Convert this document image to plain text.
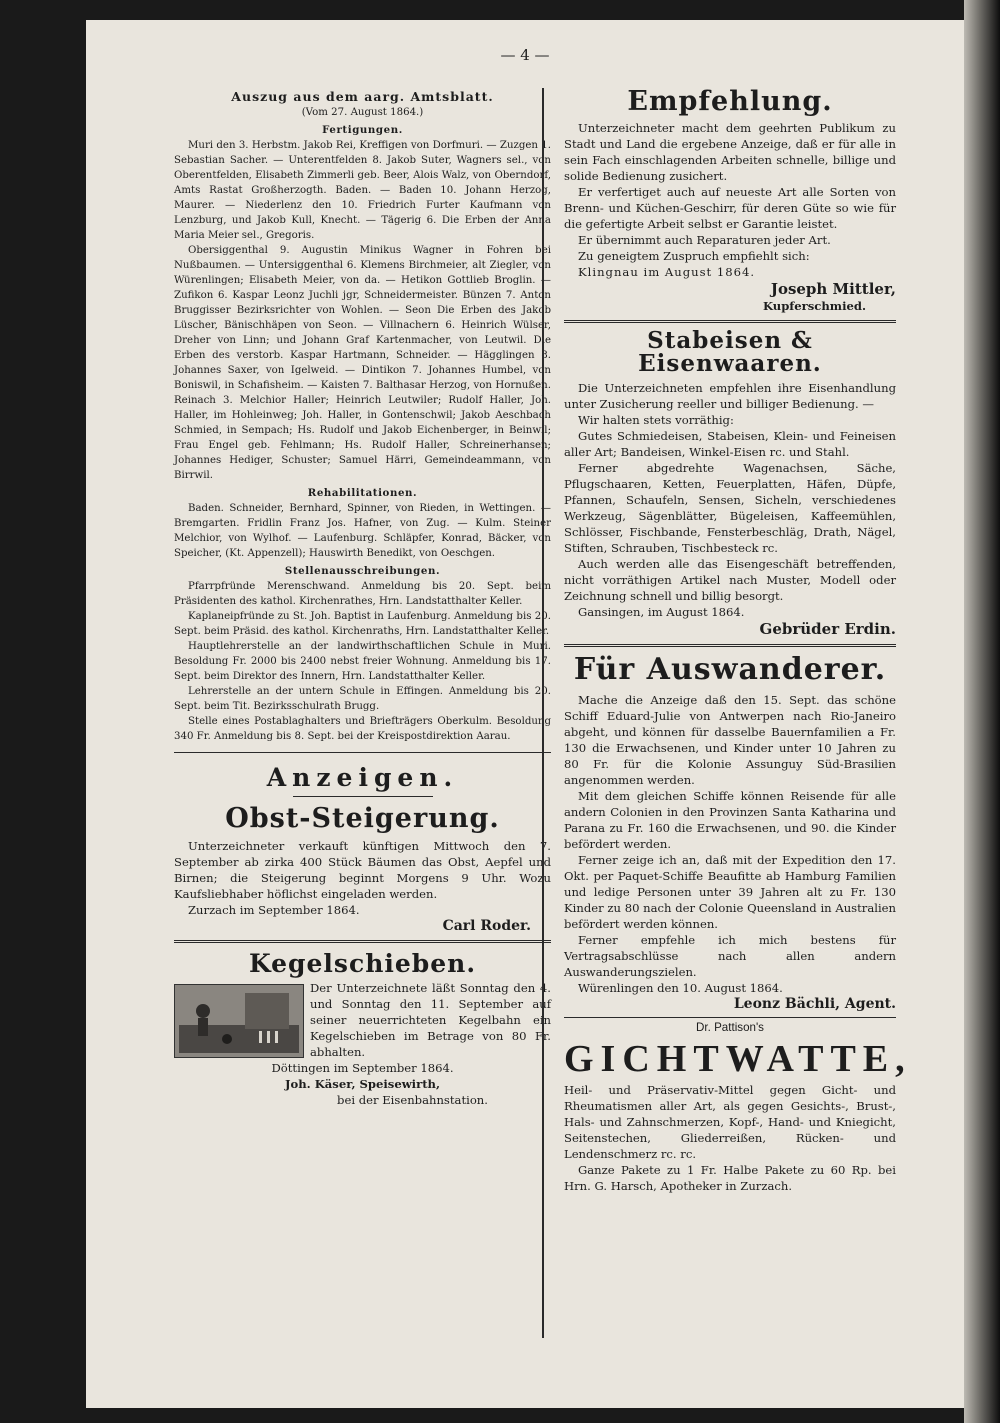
— 4 —

Auszug aus dem aarg. Amtsblatt.

(Vom 27. August 1864.)

Fertigungen.

Muri den 3. Herbstm. Jakob Rei, Kreffigen von Dorfmuri. — Zuzgen 1. Sebastian Sacher. — Unterentfelden 8. Jakob Suter, Wagners sel., von Oberentfelden, Elisabeth Zimmerli geb. Beer, Alois Walz, von Oberndorf, Amts Rastat Großherzogth. Baden. — Baden 10. Johann Herzog, Maurer. — Niederlenz den 10. Friedrich Furter Kaufmann von Lenzburg, und Jakob Kull, Knecht. — Tägerig 6. Die Erben der Anna Maria Meier sel., Gregoris.

Obersiggenthal 9. Augustin Minikus Wagner in Fohren bei Nußbaumen. — Untersiggenthal 6. Klemens Birchmeier, alt Ziegler, von Würenlingen; Elisabeth Meier, von da. — Hetikon Gottlieb Broglin. — Zufikon 6. Kaspar Leonz Juchli jgr, Schneidermeister. Bünzen 7. Anton Bruggisser Bezirksrichter von Wohlen. — Seon Die Erben des Jakob Lüscher, Bänischhäpen von Seon. — Villnachern 6. Heinrich Wülser, Dreher von Linn; und Johann Graf Kartenmacher, von Leutwil. Die Erben des verstorb. Kaspar Hartmann, Schneider. — Hägglingen 8. Johannes Saxer, von Igelweid. — Dintikon 7. Johannes Humbel, von Boniswil, in Schafisheim. — Kaisten 7. Balthasar Herzog, von Hornußen. Reinach 3. Melchior Haller; Heinrich Leutwiler; Rudolf Haller, Joh. Haller, im Hohleinweg; Joh. Haller, in Gontenschwil; Jakob Aeschbach Schmied, in Sempach; Hs. Rudolf und Jakob Eichenberger, in Beinwil; Frau Engel geb. Fehlmann; Hs. Rudolf Haller, Schreinerhansen; Johannes Hediger, Schuster; Samuel Härri, Gemeindeammann, von Birrwil.

Rehabilitationen.

Baden. Schneider, Bernhard, Spinner, von Rieden, in Wettingen. — Bremgarten. Fridlin Franz Jos. Hafner, von Zug. — Kulm. Steiner Melchior, von Wylhof. — Laufenburg. Schläpfer, Konrad, Bäcker, von Speicher, (Kt. Appenzell); Hauswirth Benedikt, von Oeschgen.

Stellenausschreibungen.

Pfarrpfründe Merenschwand. Anmeldung bis 20. Sept. beim Präsidenten des kathol. Kirchenrathes, Hrn. Landstatthalter Keller.

Kaplaneipfründe zu St. Joh. Baptist in Laufenburg. Anmeldung bis 20. Sept. beim Präsid. des kathol. Kirchenraths, Hrn. Landstatthalter Keller.

Hauptlehrerstelle an der landwirthschaftlichen Schule in Muri. Besoldung Fr. 2000 bis 2400 nebst freier Wohnung. Anmeldung bis 17. Sept. beim Direktor des Innern, Hrn. Landstatthalter Keller.

Lehrerstelle an der untern Schule in Effingen. Anmeldung bis 20. Sept. beim Tit. Bezirksschulrath Brugg.

Stelle eines Postablaghalters und Briefträgers Oberkulm. Besoldung 340 Fr. Anmeldung bis 8. Sept. bei der Kreispostdirektion Aarau.

Anzeigen.

Obst-Steigerung.

Unterzeichneter verkauft künftigen Mittwoch den 7. September ab zirka 400 Stück Bäumen das Obst, Aepfel und Birnen; die Steigerung beginnt Morgens 9 Uhr. Wozu Kaufsliebhaber höflichst eingeladen werden.

Zurzach im September 1864.

Carl Roder.

Kegelschieben.

Der Unterzeichnete läßt Sonntag den 4. und Sonntag den 11. September auf seiner neuerrichteten Kegelbahn ein Kegelschieben im Betrage von 80 Fr. abhalten.

Döttingen im September 1864.

Joh. Käser, Speisewirth,

bei der Eisenbahnstation.

Empfehlung.

Unterzeichneter macht dem geehrten Publikum zu Stadt und Land die ergebene Anzeige, daß er für alle in sein Fach einschlagenden Arbeiten schnelle, billige und solide Bedienung zusichert.

Er verfertiget auch auf neueste Art alle Sorten von Brenn- und Küchen-Geschirr, für deren Güte so wie für die gefertigte Arbeit selbst er Garantie leistet.

Er übernimmt auch Reparaturen jeder Art.

Zu geneigtem Zuspruch empfiehlt sich:

Klingnau im August 1864.

Joseph Mittler,

Kupferschmied.

Stabeisen & Eisenwaaren.

Die Unterzeichneten empfehlen ihre Eisenhandlung unter Zusicherung reeller und billiger Bedienung. —

Wir halten stets vorräthig:

Gutes Schmiedeisen, Stabeisen, Klein- und Feineisen aller Art; Bandeisen, Winkel-Eisen rc. und Stahl.

Ferner abgedrehte Wagenachsen, Säche, Pflugschaaren, Ketten, Feuerplatten, Häfen, Düpfe, Pfannen, Schaufeln, Sensen, Sicheln, verschiedenes Werkzeug, Sägenblätter, Bügeleisen, Kaffeemühlen, Schlösser, Fischbande, Fensterbeschläg, Drath, Nägel, Stiften, Schrauben, Tischbesteck rc.

Auch werden alle das Eisengeschäft betreffenden, nicht vorräthigen Artikel nach Muster, Modell oder Zeichnung schnell und billig besorgt.

Gansingen, im August 1864.

Gebrüder Erdin.

Für Auswanderer.

Mache die Anzeige daß den 15. Sept. das schöne Schiff Eduard-Julie von Antwerpen nach Rio-Janeiro abgeht, und können für dasselbe Bauernfamilien a Fr. 130 die Erwachsenen, und Kinder unter 10 Jahren zu 80 Fr. für die Kolonie Assunguy Süd-Brasilien angenommen werden.

Mit dem gleichen Schiffe können Reisende für alle andern Colonien in den Provinzen Santa Katharina und Parana zu Fr. 160 die Erwachsenen, und 90. die Kinder befördert werden.

Ferner zeige ich an, daß mit der Expedition den 17. Okt. per Paquet-Schiffe Beaufitte ab Hamburg Familien und ledige Personen unter 39 Jahren alt zu Fr. 130 Kinder zu 80 nach der Colonie Queensland in Australien befördert werden können.

Ferner empfehle ich mich bestens für Vertragsabschlüsse nach allen andern Auswanderungszielen.

Würenlingen den 10. August 1864.

Leonz Bächli, Agent.

Dr. Pattison's

GICHTWATTE,

Heil- und Präservativ-Mittel gegen Gicht- und Rheumatismen aller Art, als gegen Gesichts-, Brust-, Hals- und Zahnschmerzen, Kopf-, Hand- und Kniegicht, Seitenstechen, Gliederreißen, Rücken- und Lendenschmerz rc. rc.

Ganze Pakete zu 1 Fr. Halbe Pakete zu 60 Rp. bei Hrn. G. Harsch, Apotheker in Zurzach.
